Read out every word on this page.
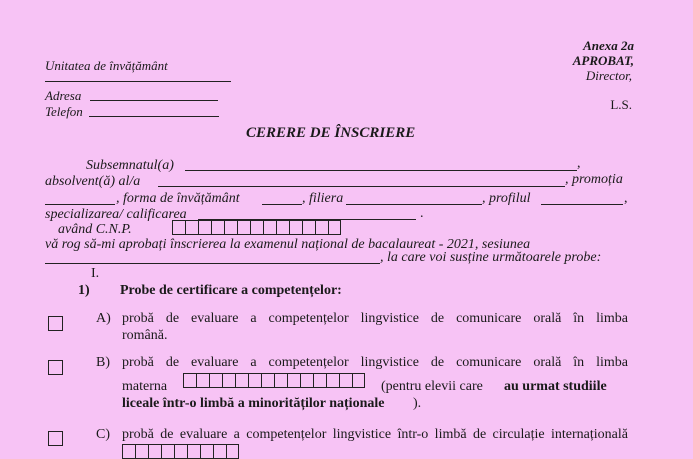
Unitatea de învățământ
Adresa
Telefon
Anexa 2a
APROBAT,
Director,
L.S.
CERERE DE ÎNSCRIERE
Subsemnatul(a)	,
absolvent(ă) al/a	, promoția
, forma de învățământ	, filiera	, profilul	,
specializarea/ calificarea	.
având C.N.P.
vă rog să-mi aprobați înscrierea la examenul național de bacalaureat - 2021, sesiunea
, la care voi susține următoarele probe:
I.
1) Probe de certificare a competențelor:
A) probă de evaluare a competențelor lingvistice de comunicare orală în limba
română.
B) probă de evaluare a competențelor lingvistice de comunicare orală în limba
materna	(pentru elevii care au urmat studiile
liceale într-o limbă a minorităților naționale ).
C) probă de evaluare a competențelor lingvistice într-o limbă de circulație internațională
